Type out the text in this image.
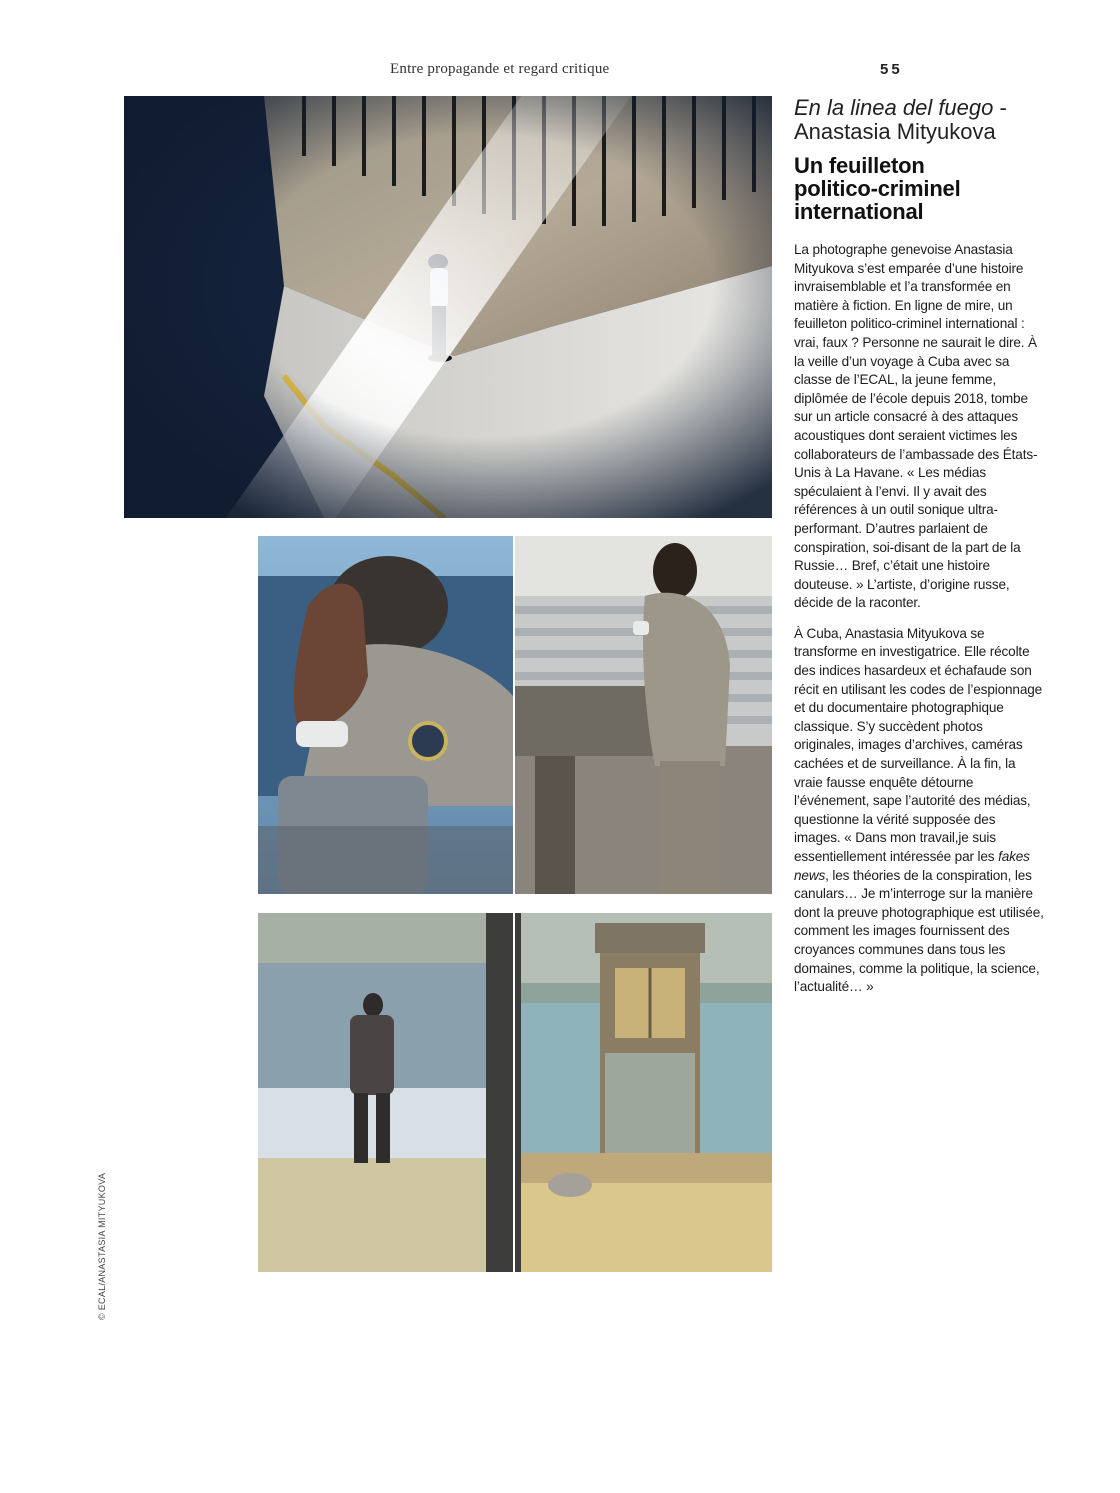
Entre propagande et regard critique	55
© ECAL/ANASTASIA MITYUKOVA
En la linea del fuego -
Anastasia Mityukova
Un feuilleton
politico-criminel
international

La photographe genevoise Anastasia Mityukova s’est emparée d’une histoire invraisemblable et l’a transformée en matière à fiction. En ligne de mire, un feuilleton politico-criminel international : vrai, faux ? Personne ne saurait le dire. À la veille d’un voyage à Cuba avec sa classe de l’ECAL, la jeune femme, diplômée de l’école depuis 2018, tombe sur un article consacré à des attaques acoustiques dont seraient victimes les collaborateurs de l’ambassade des États-Unis à La Havane. « Les médias spéculaient à l’envi. Il y avait des références à un outil sonique ultra-performant. D’autres parlaient de conspiration, soi-disant de la part de la Russie… Bref, c’était une histoire douteuse. » L’artiste, d’origine russe, décide de la raconter.

À Cuba, Anastasia Mityukova se transforme en investigatrice. Elle récolte des indices hasardeux et échafaude son récit en utilisant les codes de l’espionnage et du documentaire photographique classique. S’y succèdent photos originales, images d’archives, caméras cachées et de surveillance. À la fin, la vraie fausse enquête détourne l’événement, sape l’autorité des médias, questionne la vérité supposée des images. « Dans mon travail,je suis essentiellement intéressée par les fakes news, les théories de la conspiration, les canulars… Je m’interroge sur la manière dont la preuve photographique est utilisée, comment les images fournissent des croyances communes dans tous les domaines, comme la politique, la science, l’actualité… »
